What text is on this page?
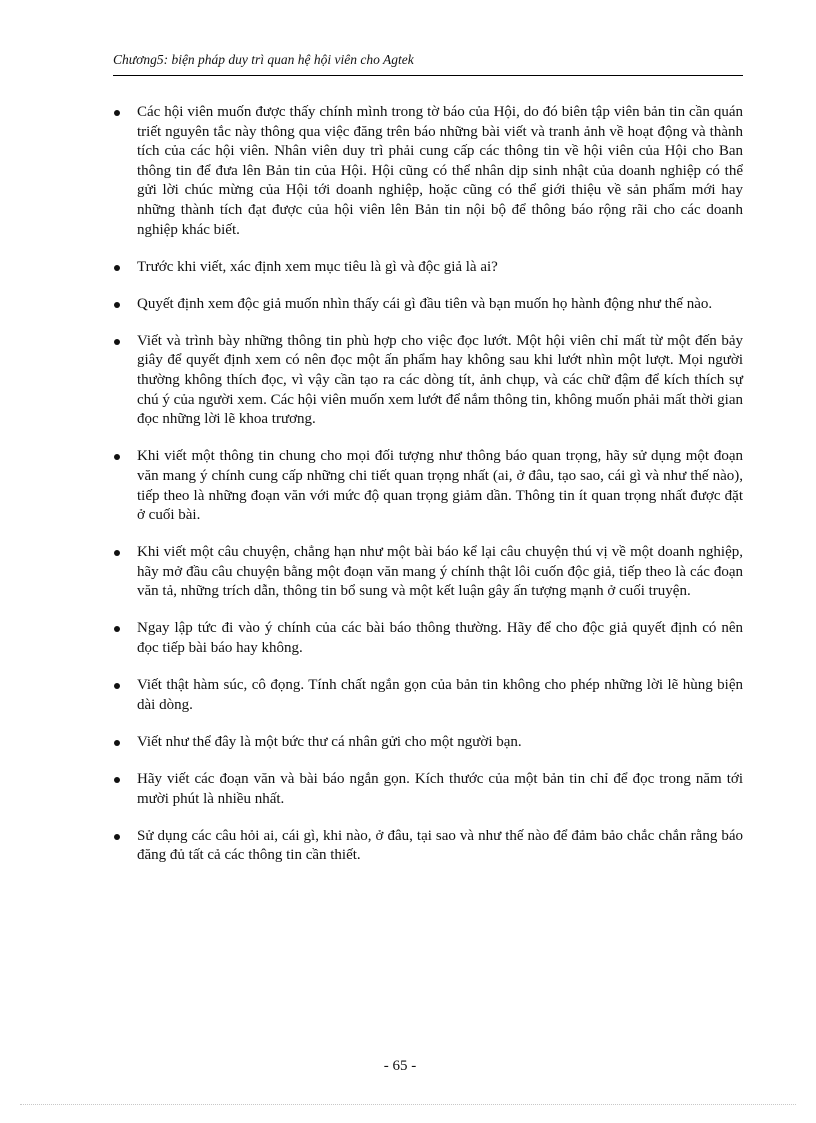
Chương5: biện pháp duy trì quan hệ hội viên cho Agtek
Các hội viên muốn được thấy chính mình trong tờ báo của Hội, do đó biên tập viên bản tin cần quán triết nguyên tắc này thông qua việc đăng trên báo những bài viết và tranh ảnh về hoạt động và thành tích của các hội viên. Nhân viên duy trì phải cung cấp các thông tin về hội viên của Hội cho Ban thông tin để đưa lên Bản tin của Hội. Hội cũng có thể nhân dịp sinh nhật của doanh nghiệp có thể gửi lời chúc mừng của Hội tới doanh nghiệp, hoặc cũng có thể giới thiệu về sản phẩm mới hay những thành tích đạt được của hội viên lên Bản tin nội bộ để thông báo rộng rãi cho các doanh nghiệp khác biết.
Trước khi viết, xác định xem mục tiêu là gì và độc giả là ai?
Quyết định xem độc giả muốn nhìn thấy cái gì đầu tiên và bạn muốn họ hành động như thế nào.
Viết và trình bày những thông tin phù hợp cho việc đọc lướt. Một hội viên chỉ mất từ một đến bảy giây để quyết định xem có nên đọc một ấn phẩm hay không sau khi lướt nhìn một lượt. Mọi người thường không thích đọc, vì vậy cần tạo ra các dòng tít, ảnh chụp, và các chữ đậm để kích thích sự chú ý của người xem. Các hội viên muốn xem lướt để nắm thông tin, không muốn phải mất thời gian đọc những lời lẽ khoa trương.
Khi viết một thông tin chung cho mọi đối tượng như thông báo quan trọng, hãy sử dụng một đoạn văn mang ý chính cung cấp những chi tiết quan trọng nhất (ai, ở đâu, tạo sao, cái gì và như thế nào), tiếp theo là những đoạn văn với mức độ quan trọng giảm dần. Thông tin ít quan trọng nhất được đặt ở cuối bài.
Khi viết một câu chuyện, chẳng hạn như một bài báo kể lại câu chuyện thú vị về một doanh nghiệp, hãy mở đầu câu chuyện bằng một đoạn văn mang ý chính thật lôi cuốn độc giả, tiếp theo là các đoạn văn tả, những trích dẫn, thông tin bổ sung và một kết luận gây ấn tượng mạnh ở cuối truyện.
Ngay lập tức đi vào ý chính của các bài báo thông thường. Hãy để cho độc giả quyết định có nên đọc tiếp bài báo hay không.
Viết thật hàm súc, cô đọng. Tính chất ngắn gọn của bản tin không cho phép những lời lẽ hùng biện dài dòng.
Viết như thể đây là một bức thư cá nhân gửi cho một người bạn.
Hãy viết các đoạn văn và bài báo ngắn gọn. Kích thước của một bản tin chỉ để đọc trong năm tới mười phút là nhiều nhất.
Sử dụng các câu hỏi ai, cái gì, khi nào, ở đâu, tại sao và như thế nào để đảm bảo chắc chắn rằng báo đăng đủ tất cả các thông tin cần thiết.
- 65 -
